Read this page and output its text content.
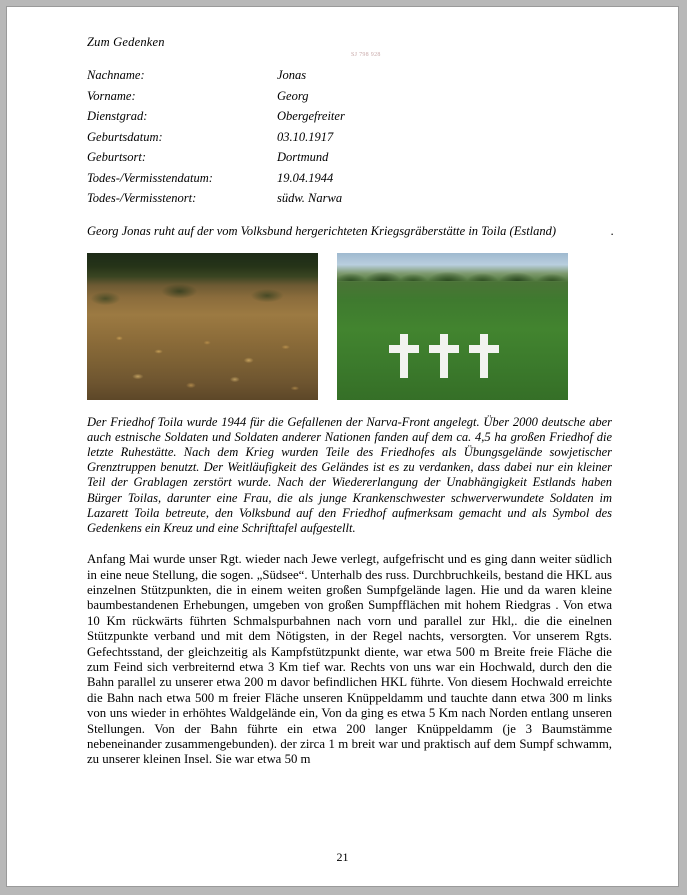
SJ 798 928
Zum Gedenken
Nachname:	Jonas
Vorname:	Georg
Dienstgrad:	Obergefreiter
Geburtsdatum:	03.10.1917
Geburtsort:	Dortmund
Todes-/Vermisstendatum:	19.04.1944
Todes-/Vermisstenort:	südw. Narwa
.
Georg Jonas ruht auf der vom Volksbund hergerichteten Kriegsgräberstätte in Toila (Estland)
Der Friedhof Toila wurde 1944 für die Gefallenen der Narva-Front angelegt. Über 2000 deutsche aber auch estnische Soldaten und Soldaten anderer Nationen fanden auf dem ca. 4,5 ha großen Friedhof die letzte Ruhestätte. Nach dem Krieg wurden Teile des Friedhofes als Übungsgelände sowjetischer Grenztruppen benutzt. Der Weitläufigkeit des Geländes ist es zu verdanken, dass dabei nur ein kleiner Teil der Grablagen zerstört wurde. Nach der Wiedererlangung der Unabhängigkeit Estlands haben Bürger Toilas, darunter eine Frau, die als junge Krankenschwester schwerverwundete Soldaten im Lazarett Toila betreute, den Volksbund auf den Friedhof aufmerksam gemacht und als Symbol des Gedenkens ein Kreuz und eine Schrifttafel aufgestellt.
Anfang Mai wurde unser Rgt. wieder nach Jewe verlegt, aufgefrischt und es ging dann weiter südlich in eine neue Stellung, die sogen. „Südsee“. Unterhalb des russ. Durchbruchkeils, bestand die HKL aus einzelnen Stützpunkten, die in einem weiten großen Sumpfgelände lagen. Hie und da waren kleine baumbestandenen Erhebungen, umgeben von großen Sumpfflächen mit hohem Riedgras . Von etwa 10 Km rückwärts führten Schmalspurbahnen nach vorn und parallel zur Hkl,. die die einelnen Stützpunkte verband und mit dem Nötigsten, in der Regel nachts, versorgten. Vor unserem Rgts. Gefechtsstand, der gleichzeitig als Kampfstützpunkt diente, war etwa 500 m Breite freie Fläche die zum Feind sich verbreiternd etwa 3 Km tief war. Rechts von uns war ein Hochwald, durch den die Bahn parallel zu unserer etwa 200 m davor befindlichen HKL führte. Von diesem Hochwald erreichte die Bahn nach etwa 500 m freier Fläche unseren Knüppeldamm und tauchte dann etwa 300 m links von uns wieder in erhöhtes Waldgelände ein, Von da ging es etwa 5 Km nach Norden entlang unseren Stellungen. Von der Bahn führte ein etwa 200 langer Knüppeldamm (je 3 Baumstämme nebeneinander zusammengebunden). der zirca 1 m breit war und praktisch auf dem Sumpf schwamm, zu unserer kleinen Insel. Sie war etwa 50 m
21
